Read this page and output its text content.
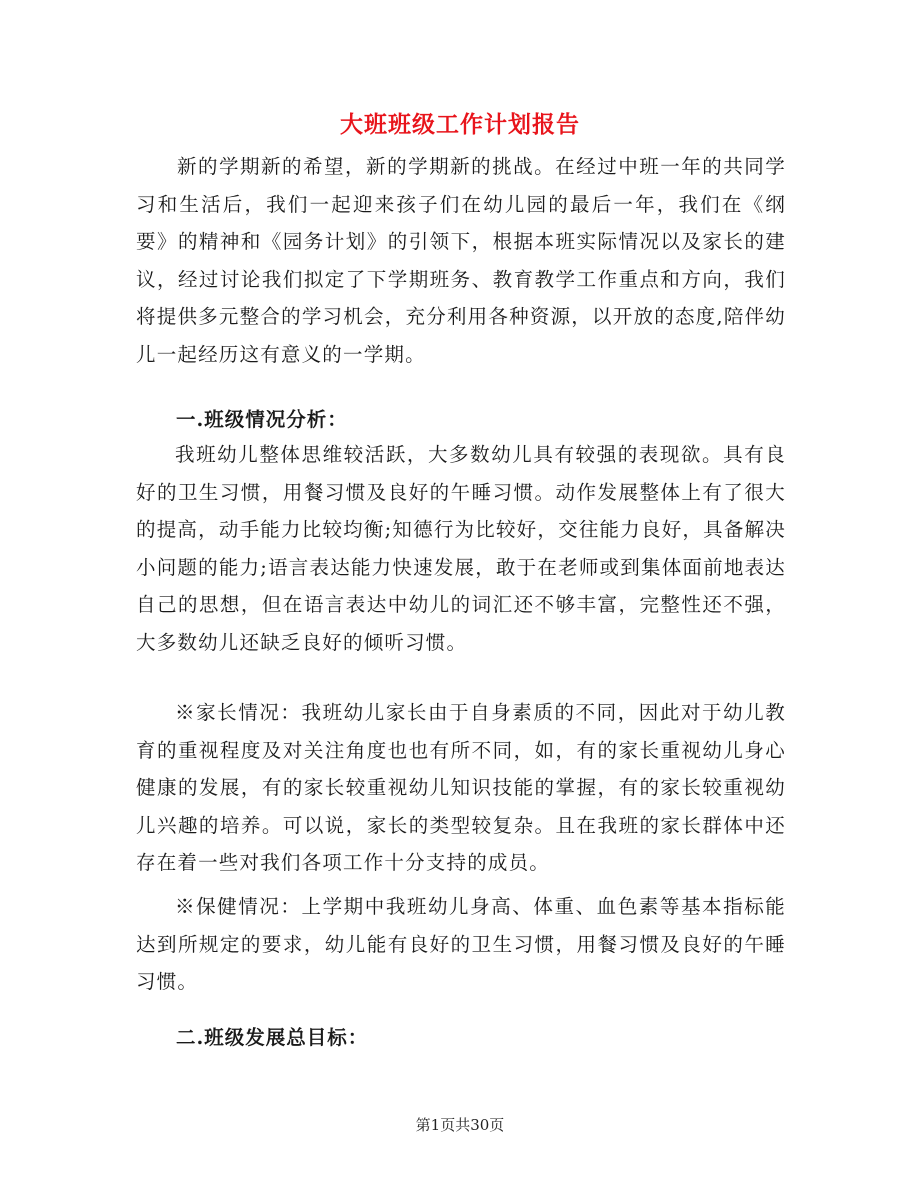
大班班级工作计划报告

新的学期新的希望，新的学期新的挑战。在经过中班一年的共同学习和生活后，我们一起迎来孩子们在幼儿园的最后一年，我们在《纲要》的精神和《园务计划》的引领下，根据本班实际情况以及家长的建议，经过讨论我们拟定了下学期班务、教育教学工作重点和方向，我们将提供多元整合的学习机会，充分利用各种资源，以开放的态度,陪伴幼儿一起经历这有意义的一学期。

一.班级情况分析：

我班幼儿整体思维较活跃，大多数幼儿具有较强的表现欲。具有良好的卫生习惯，用餐习惯及良好的午睡习惯。动作发展整体上有了很大的提高，动手能力比较均衡;知德行为比较好，交往能力良好，具备解决小问题的能力;语言表达能力快速发展，敢于在老师或到集体面前地表达自己的思想，但在语言表达中幼儿的词汇还不够丰富，完整性还不强，大多数幼儿还缺乏良好的倾听习惯。

※家长情况：我班幼儿家长由于自身素质的不同，因此对于幼儿教育的重视程度及对关注角度也也有所不同，如，有的家长重视幼儿身心健康的发展，有的家长较重视幼儿知识技能的掌握，有的家长较重视幼儿兴趣的培养。可以说，家长的类型较复杂。且在我班的家长群体中还存在着一些对我们各项工作十分支持的成员。

※保健情况：上学期中我班幼儿身高、体重、血色素等基本指标能达到所规定的要求，幼儿能有良好的卫生习惯，用餐习惯及良好的午睡习惯。

二.班级发展总目标：
第1页共30页
